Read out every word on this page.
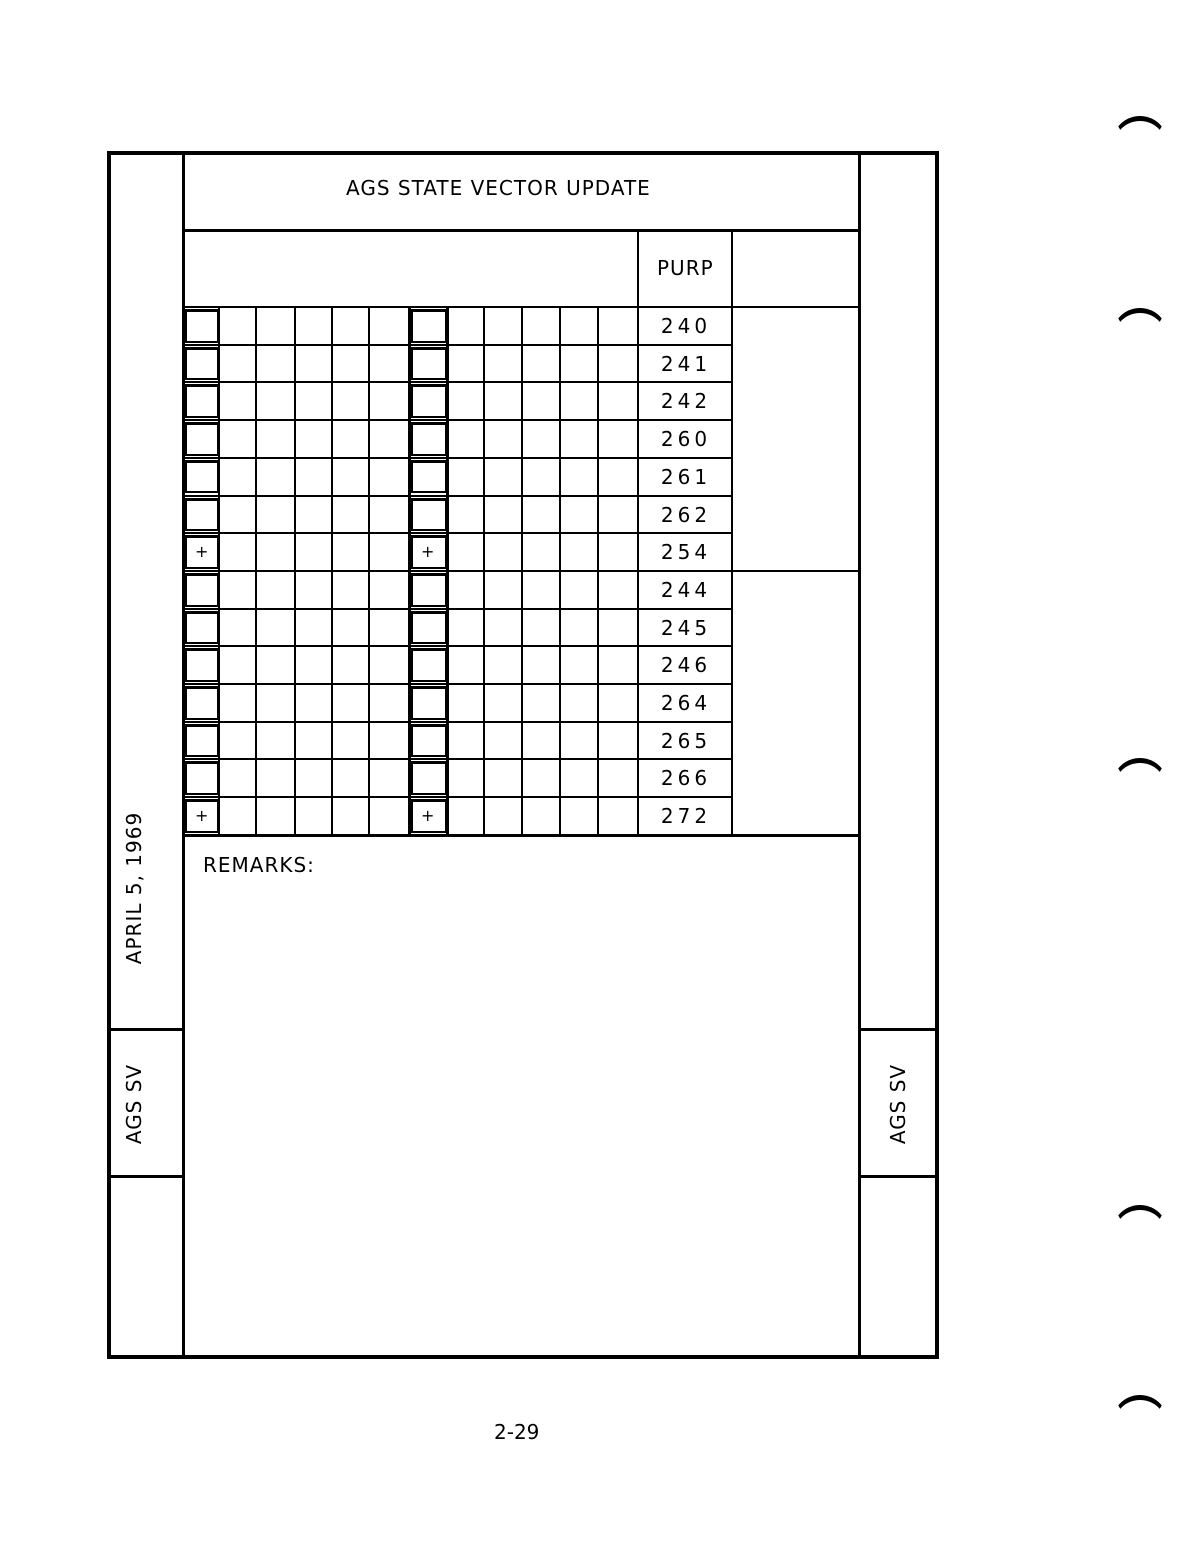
AGS STATE VECTOR UPDATE
PURP
REMARKS:
APRIL 5, 1969
AGS SV	AGS SV
2-29
240
241
242
260
261
262
+	+	254
244
245
246
264
265
266
+	+	272
